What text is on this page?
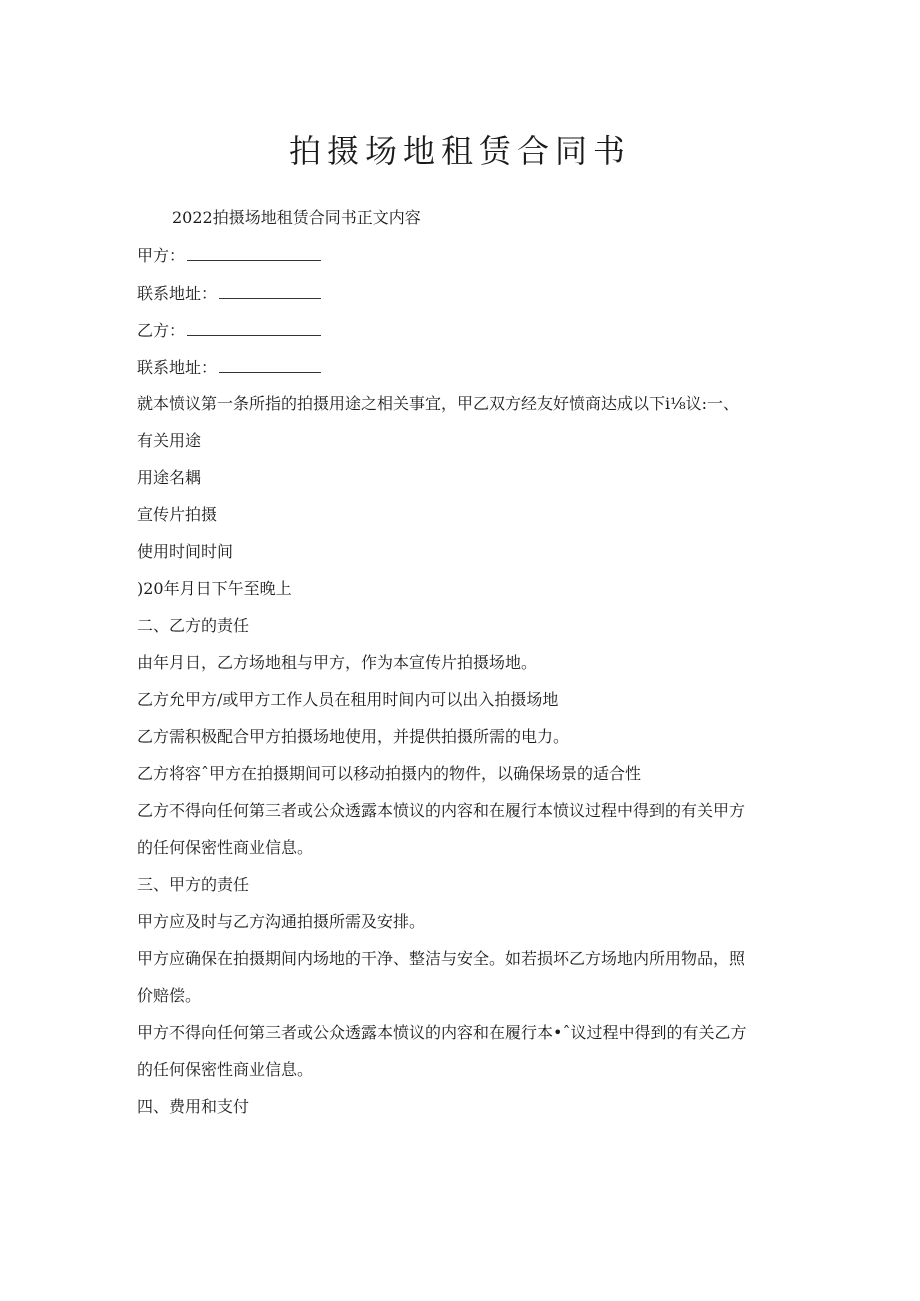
拍摄场地租赁合同书

2022拍摄场地租赁合同书正文内容

甲方：

联系地址：

乙方：

联系地址：

就本愤议第一条所指的拍摄用途之相关事宜，甲乙双方经友好愤商达成以下i⅛议:一、

有关用途

用途名耦

宣传片拍摄

使用时间时间

)20年月日下午至晚上

二、乙方的责任

由年月日，乙方场地租与甲方，作为本宣传片拍摄场地。

乙方允甲方/或甲方工作人员在租用时间内可以出入拍摄场地

乙方需积极配合甲方拍摄场地使用，并提供拍摄所需的电力。

乙方将容ˆ甲方在拍摄期间可以移动拍摄内的物件，以确保场景的适合性

乙方不得向任何第三者或公众透露本愤议的内容和在履行本愤议过程中得到的有关甲方

的任何保密性商业信息。

三、甲方的责任

甲方应及时与乙方沟通拍摄所需及安排。

甲方应确保在拍摄期间内场地的干净、整洁与安全。如若损坏乙方场地内所用物品，照

价赔偿。

甲方不得向任何第三者或公众透露本愤议的内容和在履行本•ˆ议过程中得到的有关乙方

的任何保密性商业信息。

四、费用和支付
